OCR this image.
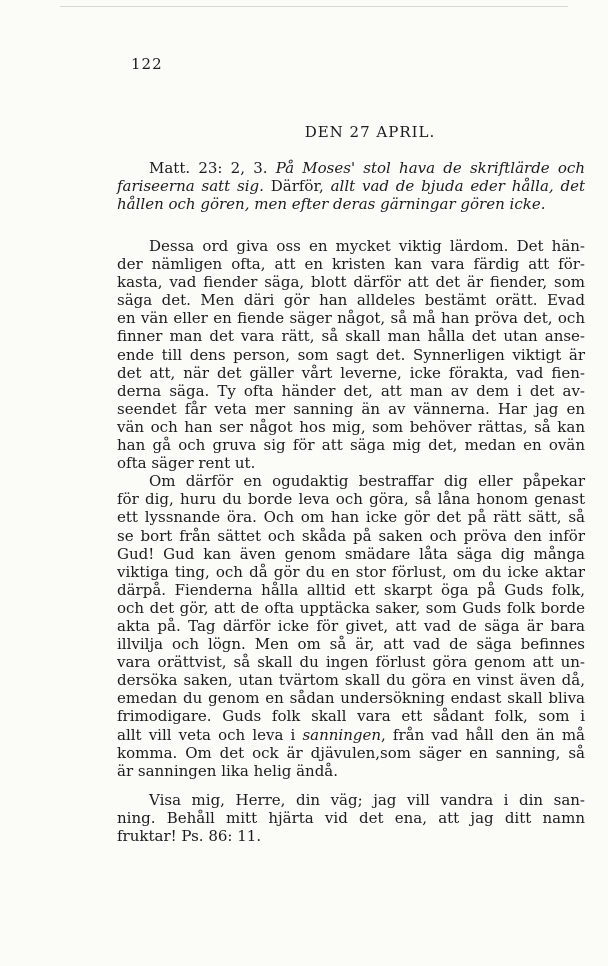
122
DEN 27 APRIL.
Matt. 23: 2, 3. På Moses' stol hava de skriftlärde och
fariseerna satt sig. Därför, allt vad de bjuda eder hålla, det
hållen och gören, men efter deras gärningar gören icke.
Dessa ord giva oss en mycket viktig lärdom. Det hän-
der nämligen ofta, att en kristen kan vara färdig att för-
kasta, vad fiender säga, blott därför att det är fiender, som
säga det. Men däri gör han alldeles bestämt orätt. Evad
en vän eller en fiende säger något, så må han pröva det, och
finner man det vara rätt, så skall man hålla det utan anse-
ende till dens person, som sagt det. Synnerligen viktigt är
det att, när det gäller vårt leverne, icke förakta, vad fien-
derna säga. Ty ofta händer det, att man av dem i det av-
seendet får veta mer sanning än av vännerna. Har jag en
vän och han ser något hos mig, som behöver rättas, så kan
han gå och gruva sig för att säga mig det, medan en ovän
ofta säger rent ut.
Om därför en ogudaktig bestraffar dig eller påpekar
för dig, huru du borde leva och göra, så låna honom genast
ett lyssnande öra. Och om han icke gör det på rätt sätt, så
se bort från sättet och skåda på saken och pröva den inför
Gud! Gud kan även genom smädare låta säga dig många
viktiga ting, och då gör du en stor förlust, om du icke aktar
därpå. Fienderna hålla alltid ett skarpt öga på Guds folk,
och det gör, att de ofta upptäcka saker, som Guds folk borde
akta på. Tag därför icke för givet, att vad de säga är bara
illvilja och lögn. Men om så är, att vad de säga befinnes
vara orättvist, så skall du ingen förlust göra genom att un-
dersöka saken, utan tvärtom skall du göra en vinst även då,
emedan du genom en sådan undersökning endast skall bliva
frimodigare. Guds folk skall vara ett sådant folk, som i
allt vill veta och leva i sanningen, från vad håll den än må
komma. Om det ock är djävulen,som säger en sanning, så
är sanningen lika helig ändå.
Visa mig, Herre, din väg; jag vill vandra i din san-
ning. Behåll mitt hjärta vid det ena, att jag ditt namn
fruktar! Ps. 86: 11.
